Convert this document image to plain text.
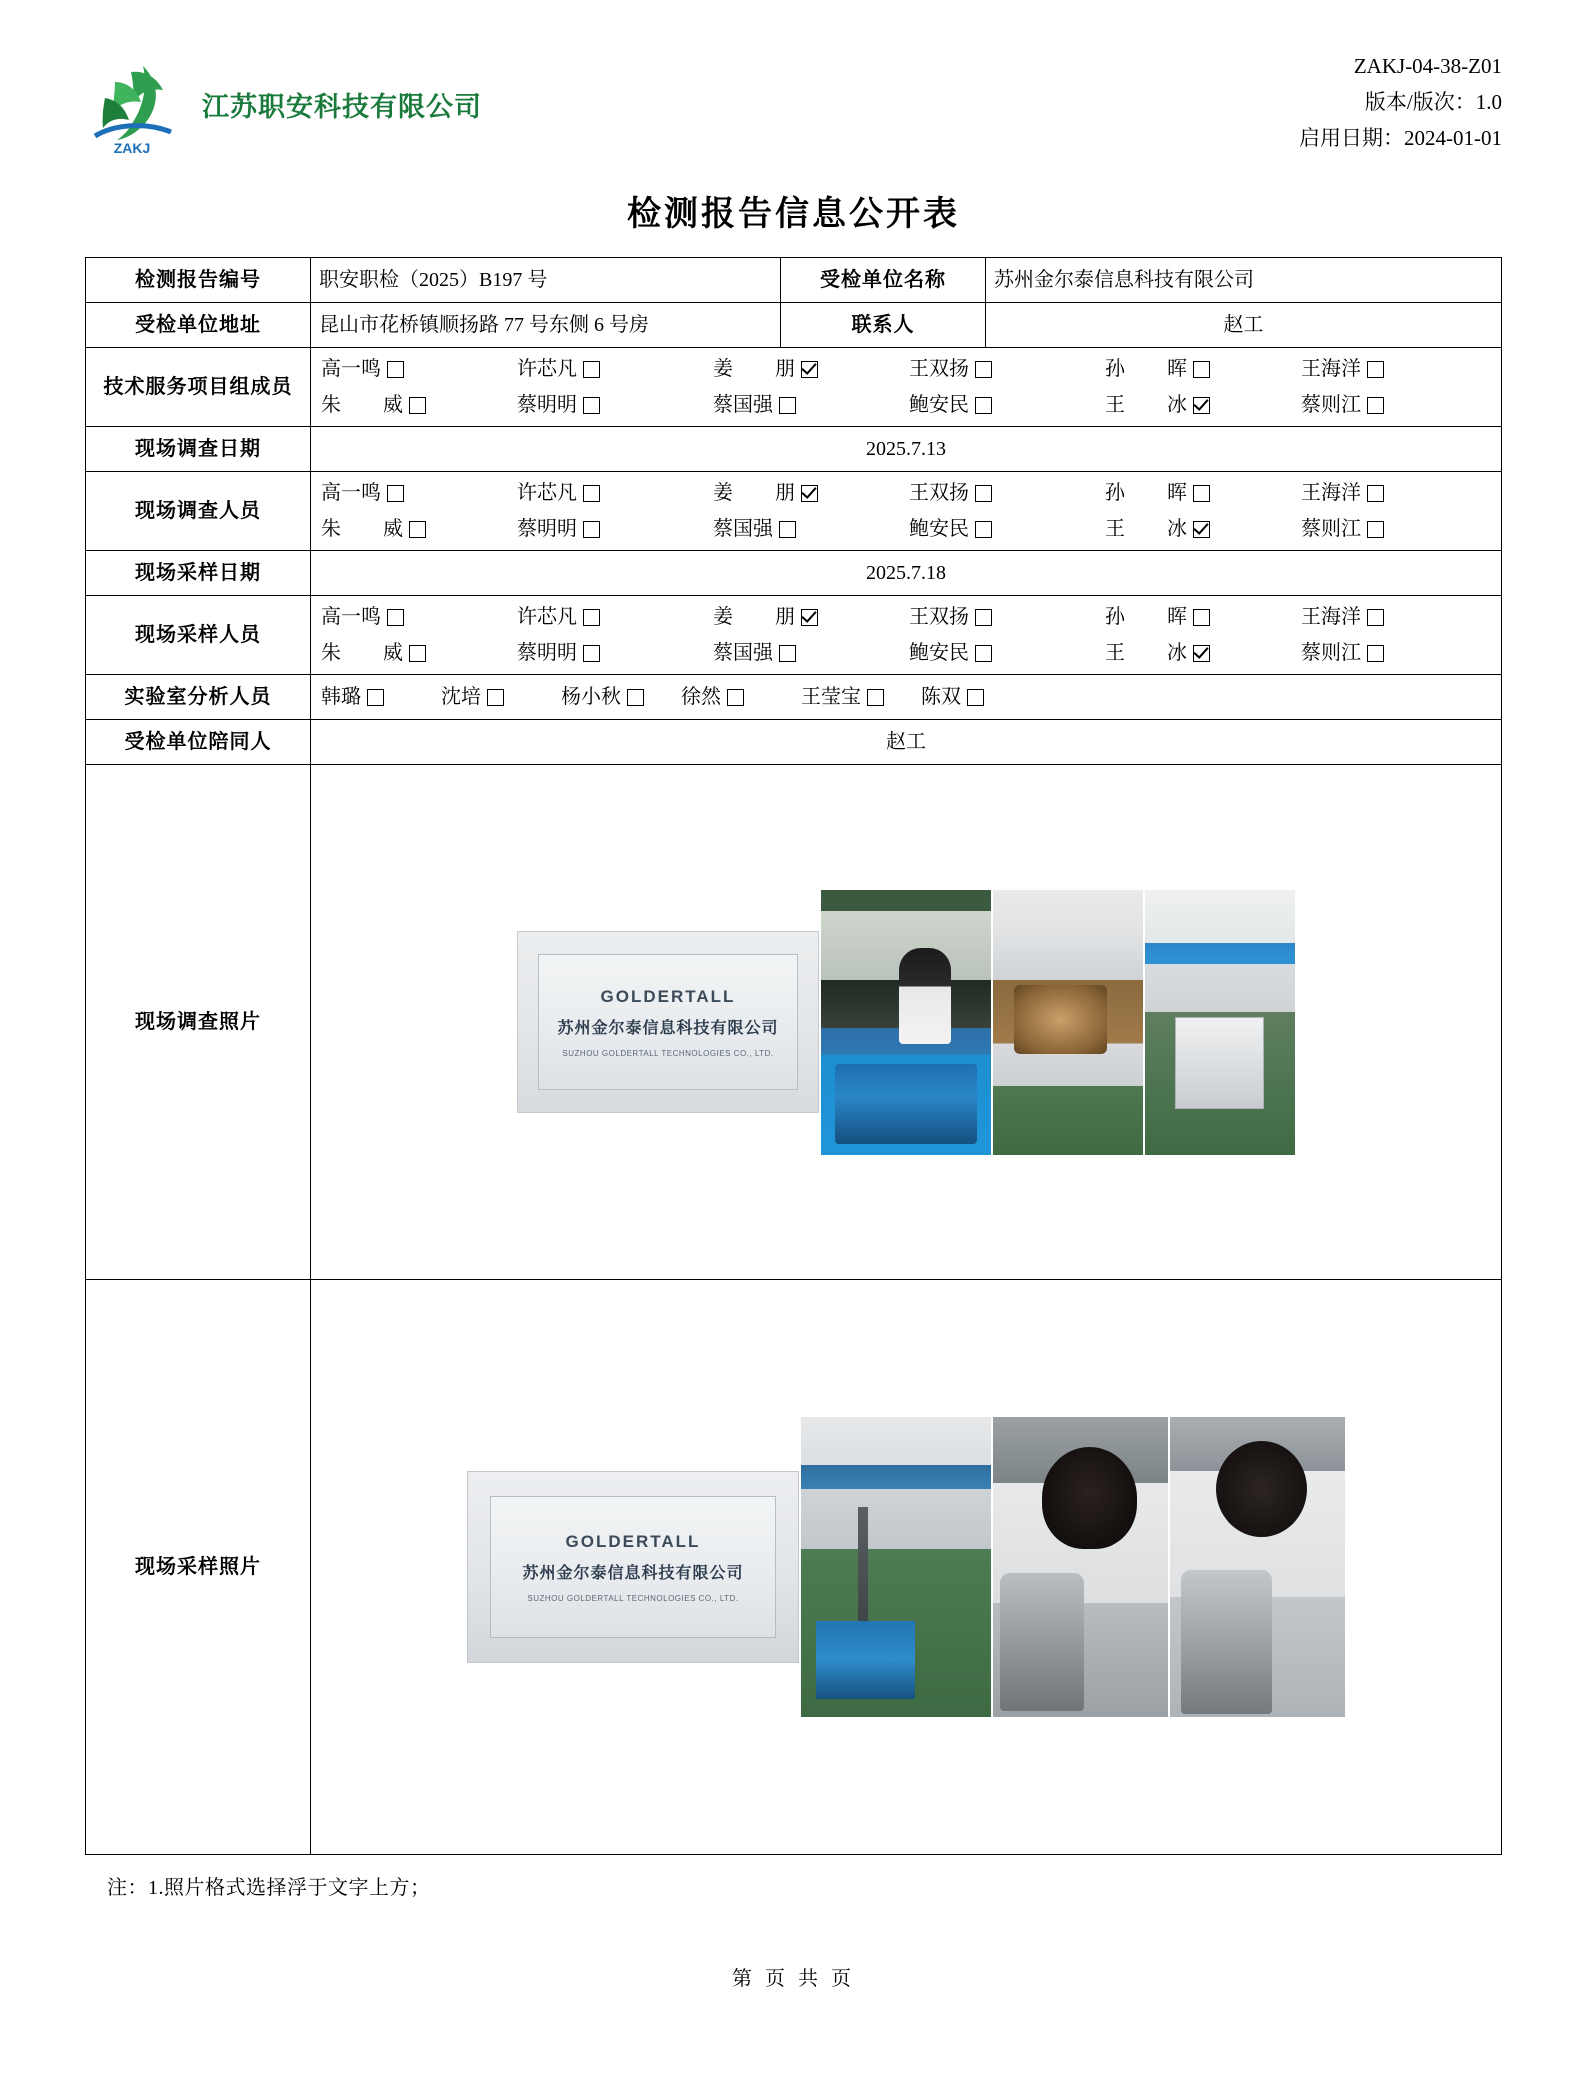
ZAKJ
江苏职安科技有限公司
ZAKJ-04-38-Z01
版本/版次：1.0
启用日期：2024-01-01
检测报告信息公开表
检测报告编号	职安职检（2025）B197 号	受检单位名称	苏州金尔泰信息科技有限公司
受检单位地址	昆山市花桥镇顺扬路 77 号东侧 6 号房	联系人	赵工
技术服务项目组成员	
高一鸣	许芯凡	姜 朋	王双扬	孙 晖	王海洋
朱 威	蔡明明	蔡国强	鲍安民	王 冰	蔡则江

现场调查日期	2025.7.13		
现场调查人员	
高一鸣	许芯凡	姜 朋	王双扬	孙 晖	王海洋
朱 威	蔡明明	蔡国强	鲍安民	王 冰	蔡则江

现场采样日期	2025.7.18		
现场采样人员	
高一鸣	许芯凡	姜 朋	王双扬	孙 晖	王海洋
朱 威	蔡明明	蔡国强	鲍安民	王 冰	蔡则江

实验室分析人员	韩璐	沈培	杨小秋	徐然	王莹宝	陈双

受检单位陪同人	赵工		
现场调查照片	GOLDERTALL
苏州金尔泰信息科技有限公司
SUZHOU GOLDERTALL TECHNOLOGIES CO., LTD.		

现场采样照片	GOLDERTALL
苏州金尔泰信息科技有限公司
SUZHOU GOLDERTALL TECHNOLOGIES CO., LTD.		
注：1.照片格式选择浮于文字上方；
第 页 共 页
